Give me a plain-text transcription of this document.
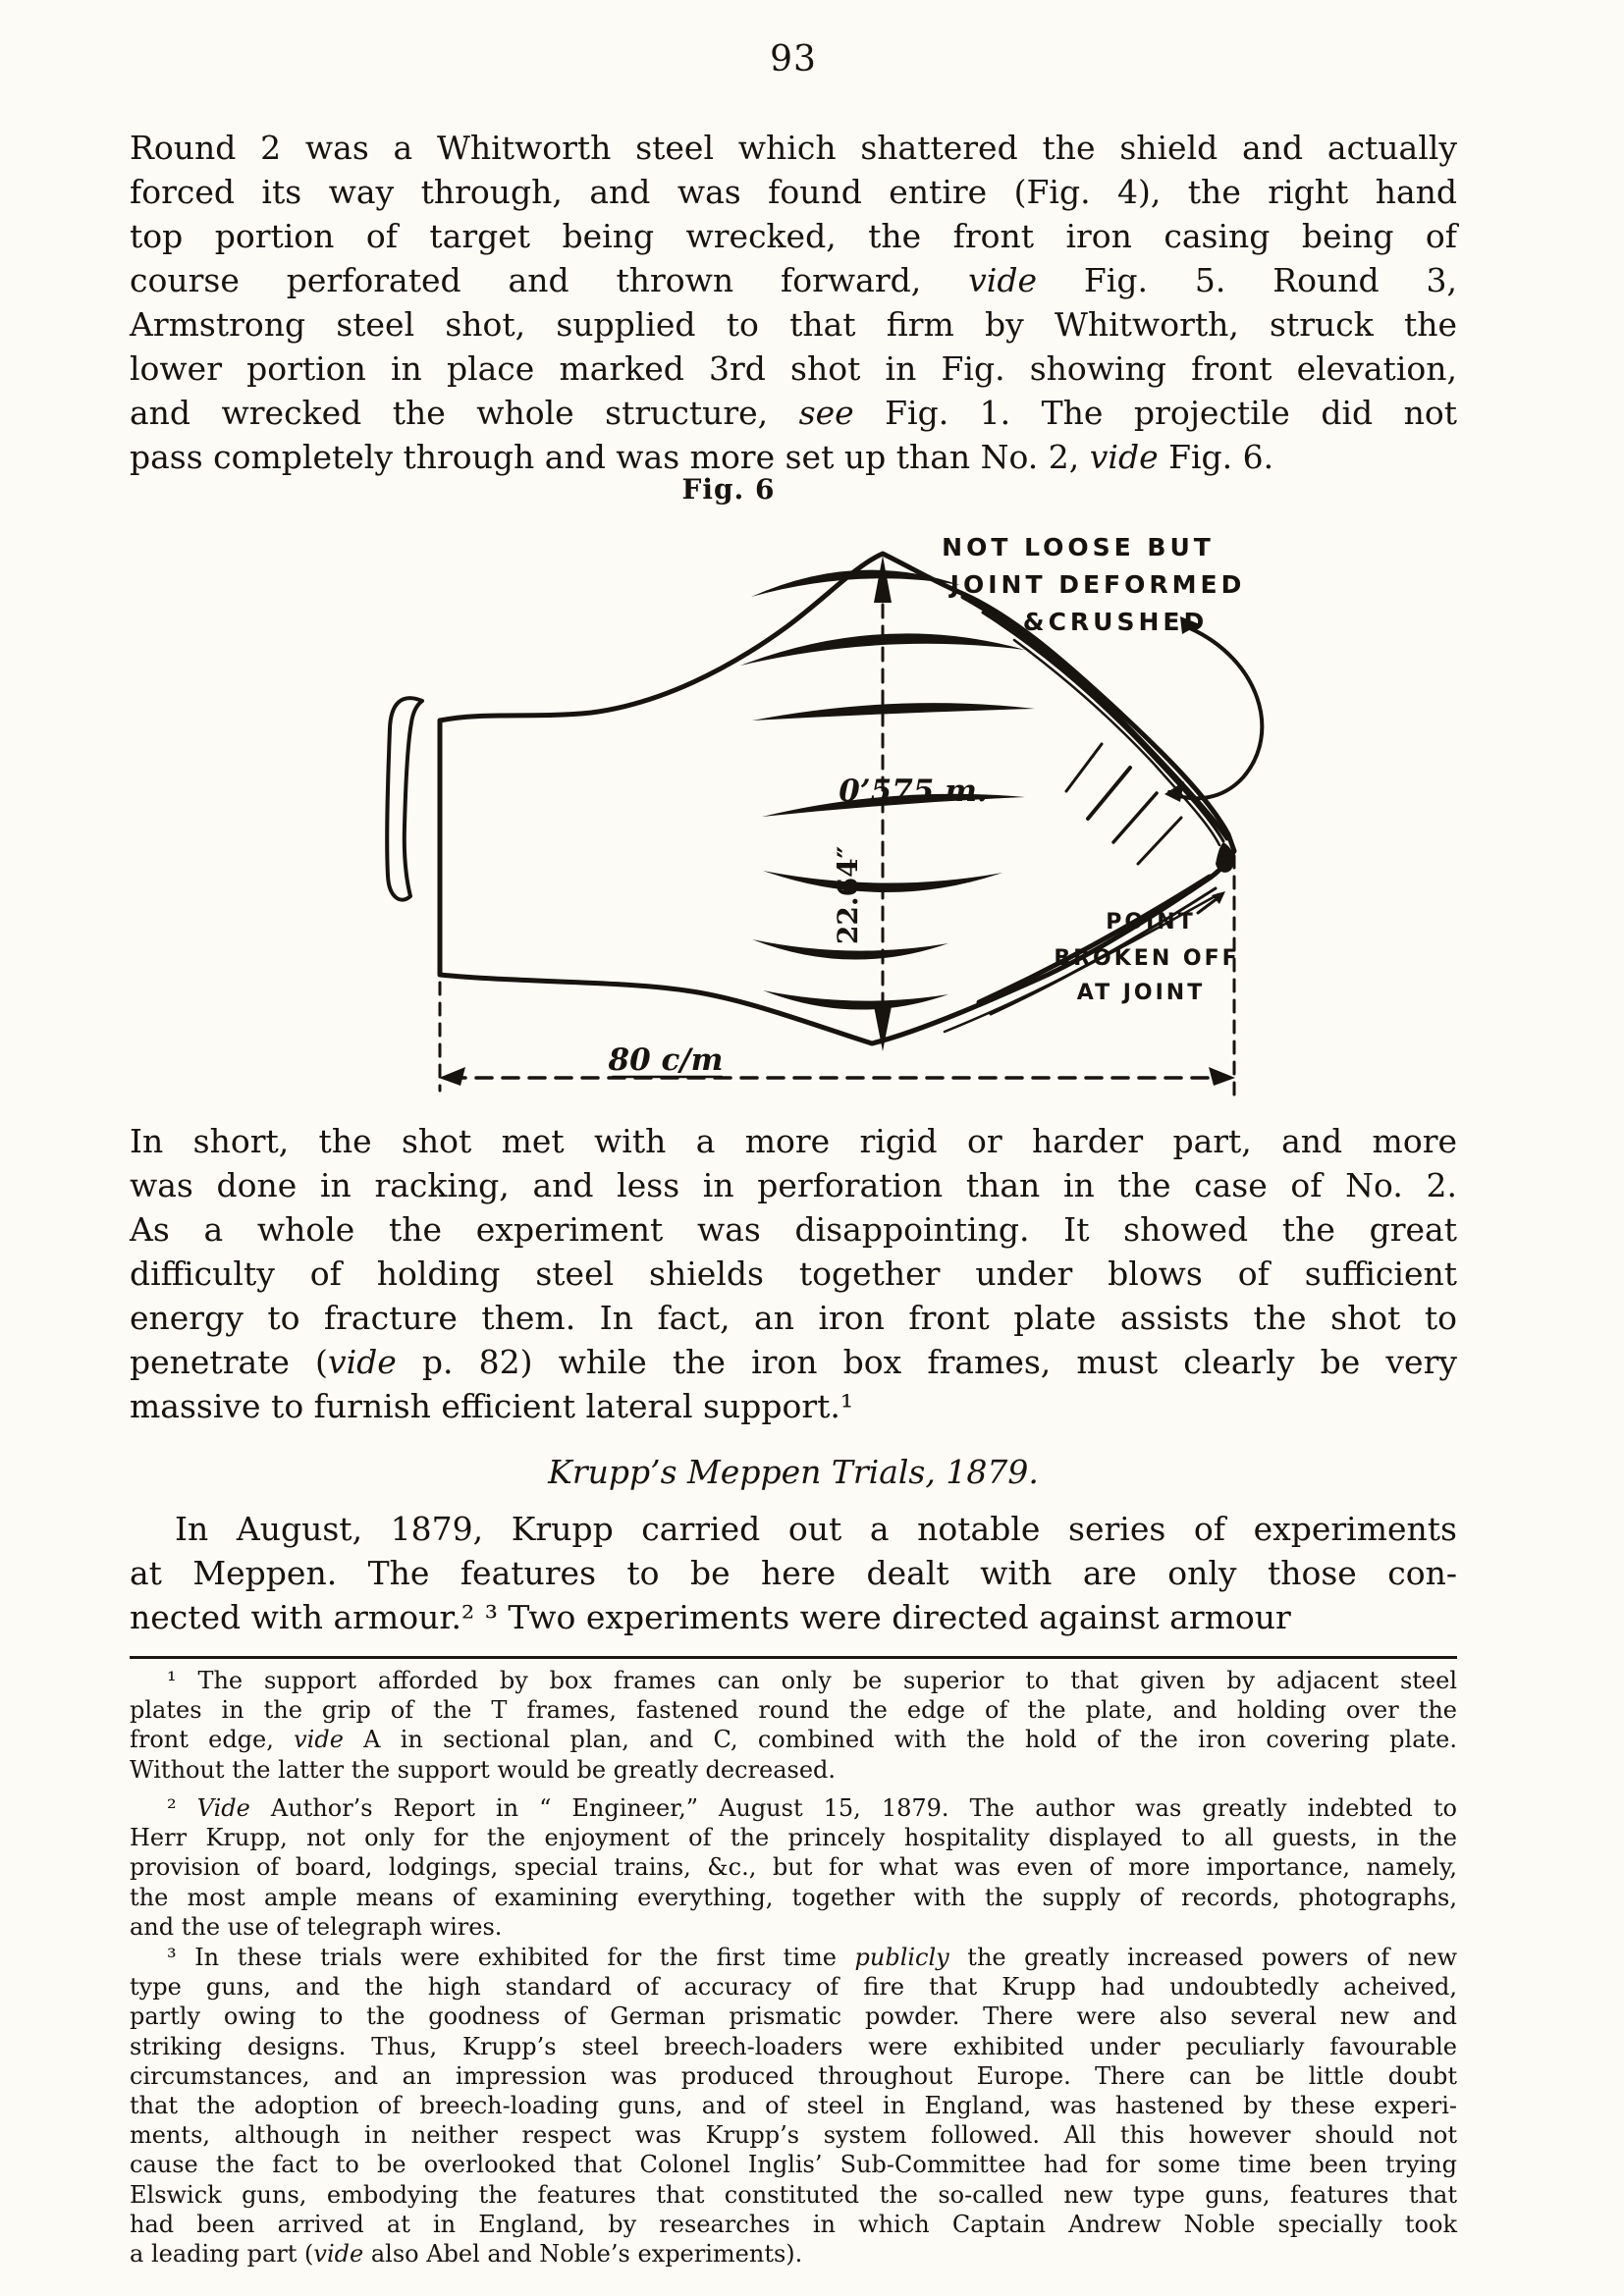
93
Round 2 was a Whitworth steel which shattered the shield and actually
forced its way through, and was found entire (Fig. 4), the right hand
top portion of target being wrecked, the front iron casing being of
course perforated and thrown forward, vide Fig. 5. Round 3,
Armstrong steel shot, supplied to that firm by Whitworth, struck the
lower portion in place marked 3rd shot in Fig. showing front elevation,
and wrecked the whole structure, see Fig. 1. The projectile did not
pass completely through and was more set up than No. 2, vide Fig. 6.
Fig. 6
NOT LOOSE BUT
JOINT DEFORMED
&CRUSHED
POINT
BROKEN OFF
AT JOINT
0’575 m.
22.64″
80 c/m
In short, the shot met with a more rigid or harder part, and more
was done in racking, and less in perforation than in the case of No. 2.
As a whole the experiment was disappointing. It showed the great
difficulty of holding steel shields together under blows of sufficient
energy to fracture them. In fact, an iron front plate assists the shot to
penetrate (vide p. 82) while the iron box frames, must clearly be very
massive to furnish efficient lateral support.¹
Krupp’s Meppen Trials, 1879.
In August, 1879, Krupp carried out a notable series of experiments
at Meppen. The features to be here dealt with are only those con-
nected with armour.² ³ Two experiments were directed against armour
¹ The support afforded by box frames can only be superior to that given by adjacent steel
plates in the grip of the T frames, fastened round the edge of the plate, and holding over the
front edge, vide A in sectional plan, and C, combined with the hold of the iron covering plate.
Without the latter the support would be greatly decreased.
² Vide Author’s Report in “ Engineer,” August 15, 1879. The author was greatly indebted to
Herr Krupp, not only for the enjoyment of the princely hospitality displayed to all guests, in the
provision of board, lodgings, special trains, &c., but for what was even of more importance, namely,
the most ample means of examining everything, together with the supply of records, photographs,
and the use of telegraph wires.
³ In these trials were exhibited for the first time publicly the greatly increased powers of new
type guns, and the high standard of accuracy of fire that Krupp had undoubtedly acheived,
partly owing to the goodness of German prismatic powder. There were also several new and
striking designs. Thus, Krupp’s steel breech-loaders were exhibited under peculiarly favourable
circumstances, and an impression was produced throughout Europe. There can be little doubt
that the adoption of breech-loading guns, and of steel in England, was hastened by these experi-
ments, although in neither respect was Krupp’s system followed. All this however should not
cause the fact to be overlooked that Colonel Inglis’ Sub-Committee had for some time been trying
Elswick guns, embodying the features that constituted the so-called new type guns, features that
had been arrived at in England, by researches in which Captain Andrew Noble specially took
a leading part (vide also Abel and Noble’s experiments).
